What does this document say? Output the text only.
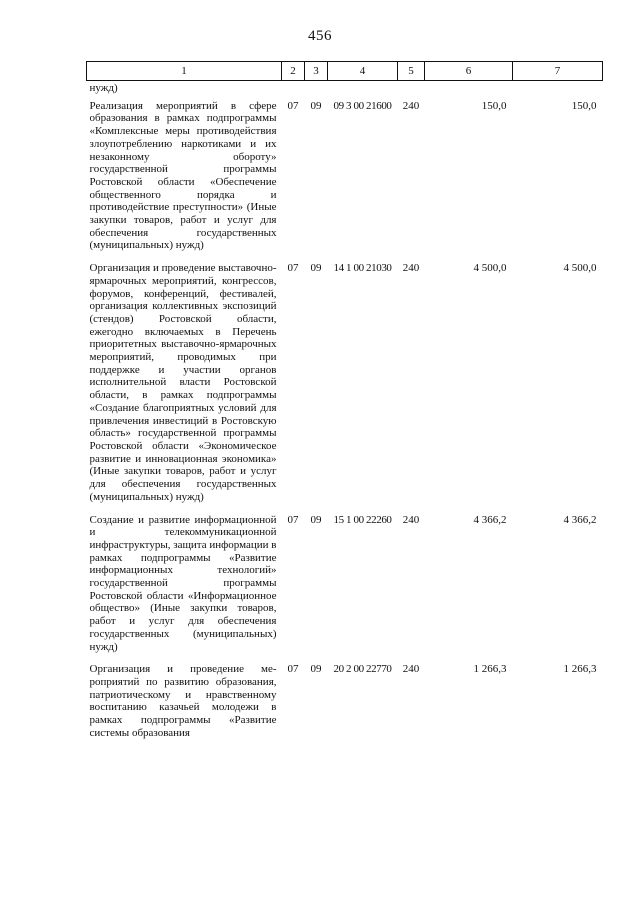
456
1	2	3	4	5	6	7
нужд)						
Реализация мероприятий в сфере образования в рамках подпрограммы «Комплексные меры противодействия злоупотреблению наркотиками и их незаконному обороту» государственной программы Ростовской области «Обеспечение общественного порядка и противодействие преступности» (Иные закупки товаров, работ и услуг для обеспечения государственных (муниципальных) нужд)	07	09	09 3 00 21600	240	150,0	150,0
Организация и проведение выставочно-ярмарочных мероприятий, конгрессов, форумов, конференций, фестивалей, организация коллективных экспозиций (стендов) Ростовской области, ежегодно включаемых в Перечень приоритетных выставочно-ярмарочных мероприятий, проводимых при поддержке и участии органов исполнительной власти Ростовской области, в рамках подпрограммы «Создание благоприятных условий для привлечения инвестиций в Ростовскую область» государственной программы Ростовской области «Экономическое развитие и инновационная экономика» (Иные закупки товаров, работ и услуг для обеспечения государственных (муниципальных) нужд)	07	09	14 1 00 21030	240	4 500,0	4 500,0
Создание и развитие информационной и телекоммуникационной инфраструктуры, защита информации в рамках подпрограммы «Развитие информационных технологий» государственной программы Ростовской области «Информационное общество» (Иные закупки товаров, работ и услуг для обеспечения государственных (муниципальных) нужд)	07	09	15 1 00 22260	240	4 366,2	4 366,2
Организация и проведение мероприятий по развитию образования, патриотическому и нравственному воспитанию казачьей молодежи в рамках подпрограммы «Развитие системы образования	07	09	20 2 00 22770	240	1 266,3	1 266,3
